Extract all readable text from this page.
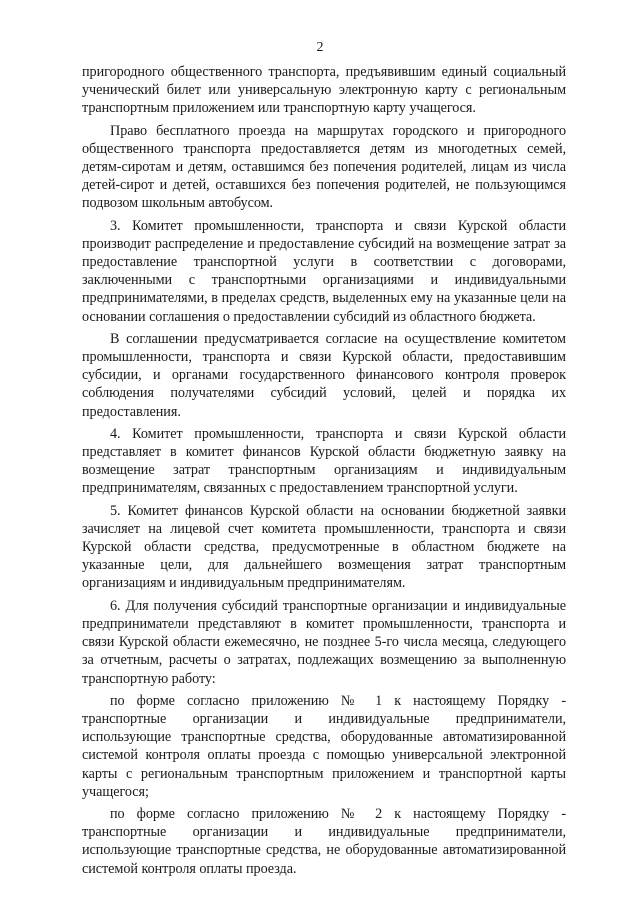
2

пригородного общественного транспорта, предъявившим единый социальный ученический билет или универсальную электронную карту с региональным транспортным приложением или транспортную карту учащегося.

Право бесплатного проезда на маршрутах городского и пригородного общественного транспорта предоставляется детям из многодетных семей, детям-сиротам и детям, оставшимся без попечения родителей, лицам из числа детей-сирот и детей, оставшихся без попечения родителей, не пользующимся подвозом школьным автобусом.

3. Комитет промышленности, транспорта и связи Курской области производит распределение и предоставление субсидий на возмещение затрат за предоставление транспортной услуги в соответствии с договорами, заключенными с транспортными организациями и индивидуальными предпринимателями, в пределах средств, выделенных ему на указанные цели на основании соглашения о предоставлении субсидий из областного бюджета.

В соглашении предусматривается согласие на осуществление комитетом промышленности, транспорта и связи Курской области, предоставившим субсидии, и органами государственного финансового контроля проверок соблюдения получателями субсидий условий, целей и порядка их предоставления.

4. Комитет промышленности, транспорта и связи Курской области представляет в комитет финансов Курской области бюджетную заявку на возмещение затрат транспортным организациям и индивидуальным предпринимателям, связанных с предоставлением транспортной услуги.

5. Комитет финансов Курской области на основании бюджетной заявки зачисляет на лицевой счет комитета промышленности, транспорта и связи Курской области средства, предусмотренные в областном бюджете на указанные цели, для дальнейшего возмещения затрат транспортным организациям и индивидуальным предпринимателям.

6. Для получения субсидий транспортные организации и индивидуальные предприниматели представляют в комитет промышленности, транспорта и связи Курской области ежемесячно, не позднее 5-го числа месяца, следующего за отчетным, расчеты о затратах, подлежащих возмещению за выполненную транспортную работу:

по форме согласно приложению № 1 к настоящему Порядку - транспортные организации и индивидуальные предприниматели, использующие транспортные средства, оборудованные автоматизированной системой контроля оплаты проезда с помощью универсальной электронной карты с региональным транспортным приложением и транспортной карты учащегося;

по форме согласно приложению № 2 к настоящему Порядку - транспортные организации и индивидуальные предприниматели, использующие транспортные средства, не оборудованные автоматизированной системой контроля оплаты проезда.
